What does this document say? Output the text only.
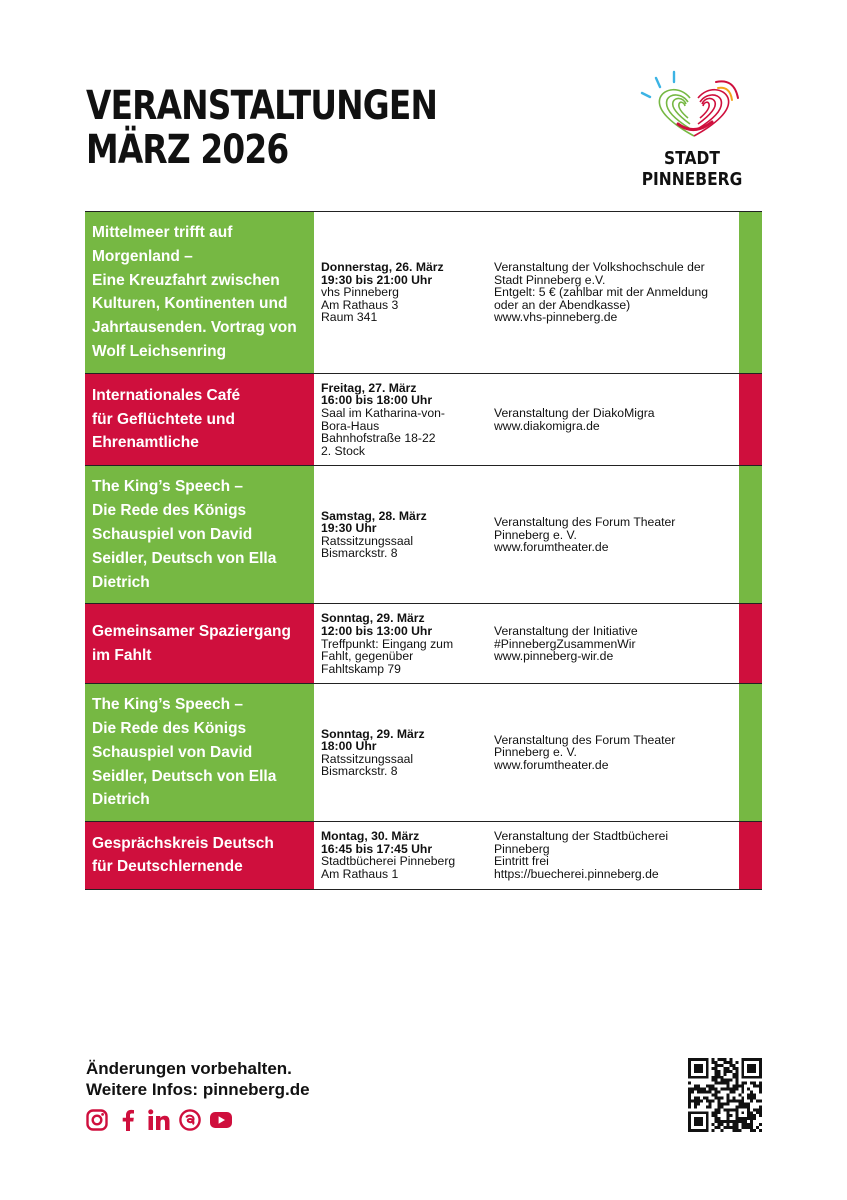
VERANSTALTUNGEN
MÄRZ 2026	STADT PINNEBERG
Mittelmeer trifft auf
Morgenland –
Eine Kreuzfahrt zwischen
Kulturen, Kontinenten und
Jahrtausenden. Vortrag von
Wolf Leichsenring
Donnerstag, 26. März
19:30 bis 21:00 Uhr
vhs Pinneberg
Am Rathaus 3
Raum 341
Veranstaltung der Volkshochschule der
Stadt Pinneberg e.V.
Entgelt: 5 € (zahlbar mit der Anmeldung
oder an der Abendkasse)
www.vhs-pinneberg.de
Internationales Café
für Geflüchtete und
Ehrenamtliche
Freitag, 27. März
16:00 bis 18:00 Uhr
Saal im Katharina-von-
Bora-Haus
Bahnhofstraße 18-22
2. Stock
Veranstaltung der DiakoMigra
www.diakomigra.de
The King’s Speech –
Die Rede des Königs
Schauspiel von David
Seidler, Deutsch von Ella
Dietrich
Samstag, 28. März
19:30 Uhr
Ratssitzungssaal
Bismarckstr. 8
Veranstaltung des Forum Theater
Pinneberg e. V.
www.forumtheater.de
Gemeinsamer Spaziergang
im Fahlt
Sonntag, 29. März
12:00 bis 13:00 Uhr
Treffpunkt: Eingang zum
Fahlt, gegenüber
Fahltskamp 79
Veranstaltung der Initiative
#PinnebergZusammenWir
www.pinneberg-wir.de
The King’s Speech –
Die Rede des Königs
Schauspiel von David
Seidler, Deutsch von Ella
Dietrich
Sonntag, 29. März
18:00 Uhr
Ratssitzungssaal
Bismarckstr. 8
Veranstaltung des Forum Theater
Pinneberg e. V.
www.forumtheater.de
Gesprächskreis Deutsch
für Deutschlernende
Montag, 30. März
16:45 bis 17:45 Uhr
Stadtbücherei Pinneberg
Am Rathaus 1
Veranstaltung der Stadtbücherei
Pinneberg
Eintritt frei
https://buecherei.pinneberg.de
Änderungen vorbehalten.
Weitere Infos: pinneberg.de
